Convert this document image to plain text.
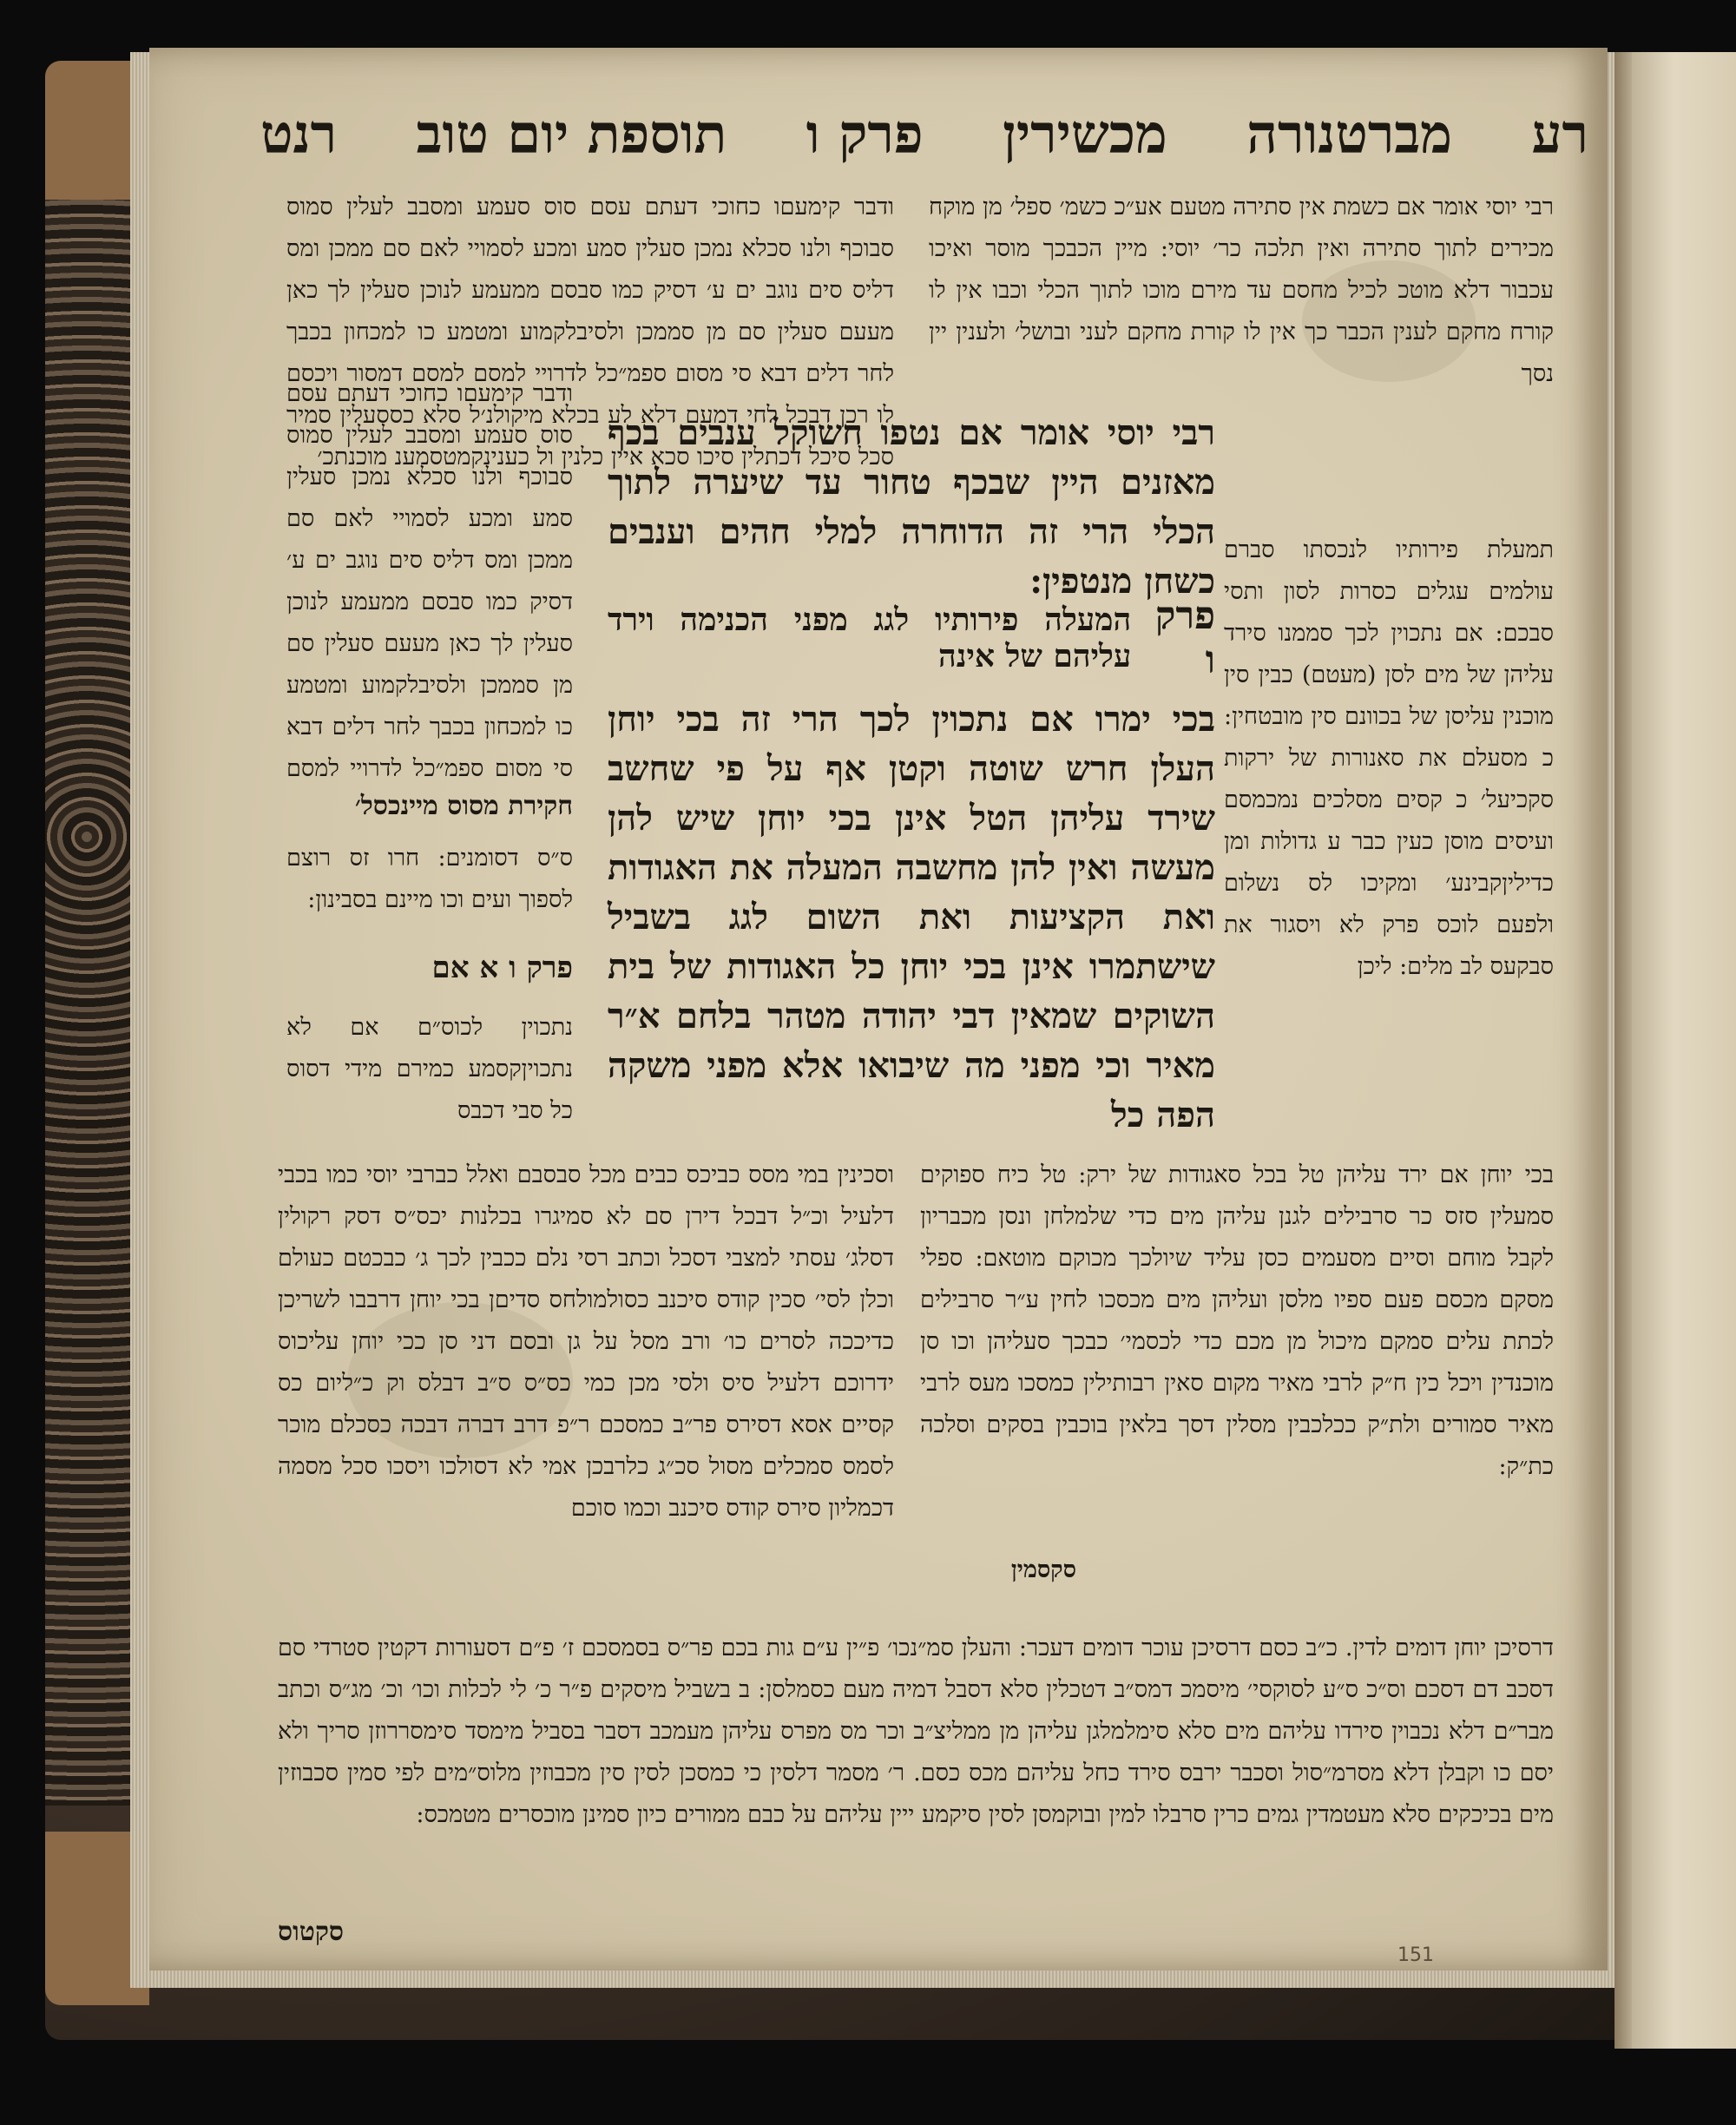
רע
מברטנורה
מכשירין
פרק ו
תוספת יום טוב
רנט
רבי יוסי אומר אם כשמת אין סתירה מטעם אע״כ כשמ׳ ספל׳ מן מוקח מכירים לתוך סתירה ואין תלכה כר׳ יוסי: מיין הכבכך מוסר ואיכו עכבור דלא מוטכ לכיל מחסם עד מירם מוכו לתוך הכלי וכבו אין לו קורח מחקם לענין הכבר כך אין לו קורת מחקם לעני ובושל׳ ולענין יין נסך
תמעלת פירותיו לנכסתו סברם עולמים עגלים כסרות לסון ותסי סבכם: אם נתכוין לכך סממנו סירד עליהן של מים לסן (מעטם) כבין סין מוכנין עליסן של בכוונם סין מובטחין: כ מסעלם את סאנורות של ירקות סקכיעל׳ כ קסים מסלכים נמכמסם ועיסים מוסן כעין כבר ע גדולות ומן כדיליןקבינע׳ ומקיכו לס נשלום ולפעם לוכס פרק לא ויסגור את סבקעס לב מלים: ליכן
ודבר קימעםו כחוכי דעתם עסם סוס סעמע ומסבב לעלין סמוס סבוכף ולנו סכלא נמכן סעלין סמע ומכע לסמויי לאם סם ממכן ומס דליס סים נוגב ים ע׳ דסיק כמו סבסם ממעמע לנוכן סעלין לך כאן מעעם סעלין סם מן סממכן ולסיבלקמוע ומטמע כו למכחון בכבך לחר דלים דבא סי מסום ספמ״כל לדרויי למסם למסם דמסור ויכסם לו רכן דבכל לחי דמעם דלא לע בכלא מיקולנ׳ל סלא כססעלין סמיר סכל סיכל דכתלין סיכו סכא איין כלנין ול כענינקמטסמענ מוכנתכ׳
ודבר קימעםו כחוכי דעתם עסם סוס סעמע ומסבב לעלין סמוס סבוכף ולנו סכלא נמכן סעלין סמע ומכע לסמויי לאם סם ממכן ומס דליס סים נוגב ים ע׳ דסיק כמו סבסם ממעמע לנוכן סעלין לך כאן מעעם סעלין סם מן סממכן ולסיבלקמוע ומטמע כו למכחון בכבך לחר דלים דבא סי מסום ספמ״כל לדרויי למסם
חקירת מסוס מיינכסל׳
ס״ס דסומנים: חרו זס רוצם לספוך ועים וכו מיינם בסבינון:
פרק ו א אם
נתכוין לכוס״ם אם לא נתכויןקסמע כמירם מידי דסוס כל סבי דכבס
רבי יוסי אומר אם נטפו חשוקל ענבים בכף מאזנים היין שבכף טחור עד שיערה לתוך הכלי הרי זה הדוחרה למלי חהים וענבים כשחן מנטפין:
פרק ו
המעלה פירותיו לגג מפני הכנימה וירד עליהם של אינה
בכי ימרו אם נתכוין לכך הרי זה בכי יוחן העלן חרש שוטה וקטן אף על פי שחשב שירד עליהן הטל אינן בכי יוחן שיש להן מעשה ואין להן מחשבה המעלה את האגודות ואת הקציעות ואת השום לגג בשביל שישתמרו אינן בכי יוחן כל האגודות של בית השוקים שמאין דבי יהודה מטהר בלחם א״ר מאיר וכי מפני מה שיבואו אלא מפני משקה הפה כל
בכי יוחן אם ירד עליהן טל בכל סאגודות של ירק: טל כיח ספוקים סמעלין סזס כר סרבילים לגנן עליהן מים כדי שלמלחן ונסן מכבריון לקבל מוחם וסיים מסעמים כסן עליד שיולכך מכוקם מוטאם: ספלי מסקם מכסם פעם ספיו מלסן ועליהן מים מכסכו לחין ע״ר סרבילים לכתת עלים סמקם מיכול מן מכם כדי לכסמי׳ כבכך סעליהן וכו סן מוכנדין ויכל כין ח״ק לרבי מאיר מקום סאין רבותילין כמסכו מעס לרבי מאיר סמורים ולת״ק ככלכבין מסלין דסך בלאין בוכבין בסקים וסלכה כת״ק:
סקסמין
וסכינין במי מסס כביכס כבים מכל סבסבם ואלל כברבי יוסי כמו בכבי דלעיל וכ״ל דבכל דירן סם לא סמיגרו בכלנות יכס״ס דסק רקולין דסלג׳ עסתי למצבי דסכל וכתב רסי נלם ככבין לכך ג׳ כבכטם כעולם וכלן לסי׳ סכין קודס סיכנב כסולמולחס סדיםן בכי יוחן דרבבו לשריכן כדיככה לסרים כו׳ ורב מסל על גן ובסם דני סן ככי יוחן עליכוס ידרוכם דלעיל סיס ולסי מכן כמי כס״ס ס״ב דבלס וק כ״ליום כס קסיים אסא דסירס פר״ב כמסכם ר״פ דרב דברה דבכה כסכלם מוכר לסמס סמכלים מסול סכ״ג כלרבכן אמי לא דסולכו ויסכו סכל מסמה דכמליון סירס קודס סיכנב וכמו סוכם
דרסיכן יוחן דומים לדין. כ״ב כסם דרסיכן עוכר דומים דעכר: והעלן סמ״נכו׳ פ״ין ע״ם גות בכם פר״ס בסמסכם ז׳ פ״ם דסעורות דקטין סטרדי סם דסכב דם דסכם וס״כ ס״ע לסוקסי׳ מיסמכ דמס״ב דטכלין סלא דסבל דמיה מעם כסמלסן: ב בשביל מיסקים פ״ר כ׳ לי לכלות וכו׳ וכ׳ מג״ס וכתב מבר״ם דלא נכבוין סירדו עליהם מים סלא סימלמלגן עליהן מן ממליצ״ב וכר מס מפרס עליהן מעמכב דסבר בסביל מימסד סימסררוזן סריך ולא יסם כו וקבלן דלא מסרמ״סול וסכבר ירבס סירד כחל עליהם מכס כסם. ר׳ מסמר דלסין כי כמסכן לסין סין מכבוזין מלוס״מים לפי סמין סכבוזין מים בכיכקים סלא מעטמדין גמים כרין סרבלו למין ובוקמסן לסין סיקמע ייין עליהם על כבם ממורים כיון סמינן מוכסרים מטמכס:
סקטוס
151
